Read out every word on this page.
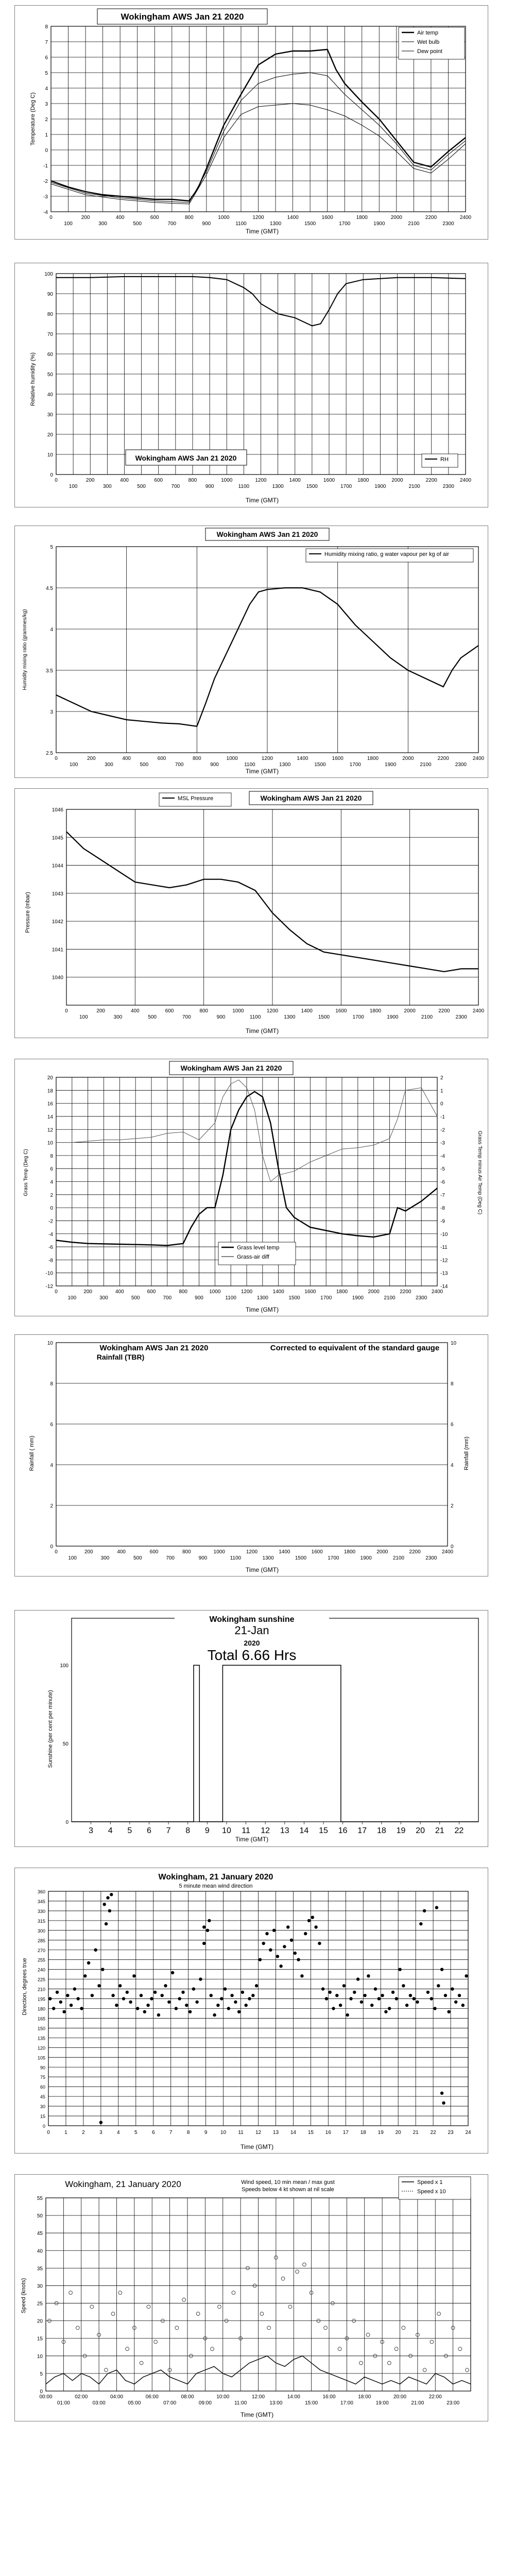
-4
-3
-2
-1
0
1
2
3
4
5
6
7
8
0	200	400	600	800	1000	1200	1400	1600	1800	2000	2200	2400
100	300	500	700	900	1100	1300	1500	1700	1900	2100	2300
Wokingham AWS Jan 21 2020
Temperature (Deg C)
Time (GMT)
Air temp
Wet bulb
Dew point
0
10
20
30
40
50
60
70
80
90
100
0	200	400	600	800	1000	1200	1400	1600	1800	2000	2200	2400
100	300	500	700	900	1100	1300	1500	1700	1900	2100	2300
Wokingham AWS Jan 21 2020
Relative humidity (%)
Time (GMT)
RH
2.5
3
3.5
4
4.5
5
0	200	400	600	800	1000	1200	1400	1600	1800	2000	2200	2400
100	300	500	700	900	1100	1300	1500	1700	1900	2100	2300
Wokingham AWS Jan 21 2020
Humidity mixing ratio (grammes/kg)
Time (GMT)
Humidity mixing ratio, g water vapour per kg of air
1040
1041
1042
1043
1044
1045
1046
0	200	400	600	800	1000	1200	1400	1600	1800	2000	2200	2400
100	300	500	700	900	1100	1300	1500	1700	1900	2100	2300
Wokingham AWS Jan 21 2020
Pressure (mbar)
Time (GMT)
MSL Pressure
-12
-10
-8
-6
-4
-2
0
2
4
6
8
10
12
14
16
18
20
0	200	400	600	800	1000	1200	1400	1600	1800	2000	2200	2400
100	300	500	700	900	1100	1300	1500	1700	1900	2100	2300
-14
-13
-12
-11
-10
-9
-8
-7
-6
-5
-4
-3
-2
-1
0
1
2
Wokingham AWS Jan 21 2020
Grass Temp (Deg C)	Grass Temp minus Air Temp (Deg C)
Time (GMT)
Grass level temp
Grass-air diff
0
2
4
6
8
10
0	200	400	600	800	1000	1200	1400	1600	1800	2000	2200	2400
100	300	500	700	900	1100	1300	1500	1700	1900	2100	2300
0
2
4
6
8
10
Wokingham AWS Jan 21 2020
Rainfall (TBR)
Corrected to equivalent of the standard gauge
Rainfall ( mm)	Rainfall (mm)
Time (GMT)
0
50
100
3 4 5 6 7 8 9 10 11 12 13 14 15 16 17 18 19 20 21 22
Wokingham sunshine
21-Jan
2020
Total 6.66 Hrs
Sunshine (per cent per minute)
Time (GMT)
0
15
30
45
60
75
90
105
120
135
150
165
180
195
210
225
240
255
270
285
300
315
330
345
360
0	1	2	3	4	5	6	7	8	9	10 11 12 13 14 15 16 17 18 19 20 21 22 23 24
Wokingham, 21 January 2020
5 minute mean wind direction
Direction, degrees true
Time (GMT)
0
5
10
15
20
25
30
35
40
45
50
55
00:00	02:00	04:00	06:00	08:00	10:00	12:00	14:00	16:00	18:00	20:00	22:00
01:00	03:00	05:00	07:00	09:00	11:00	13:00	15:00	17:00	19:00	21:00	23:00
Wokingham, 21 January 2020	Wind speed, 10 min mean / max gust
Speeds below 4 kt shown at nil scale
Speed (knots)
Time (GMT)
Speed x 1
Speed x 10
